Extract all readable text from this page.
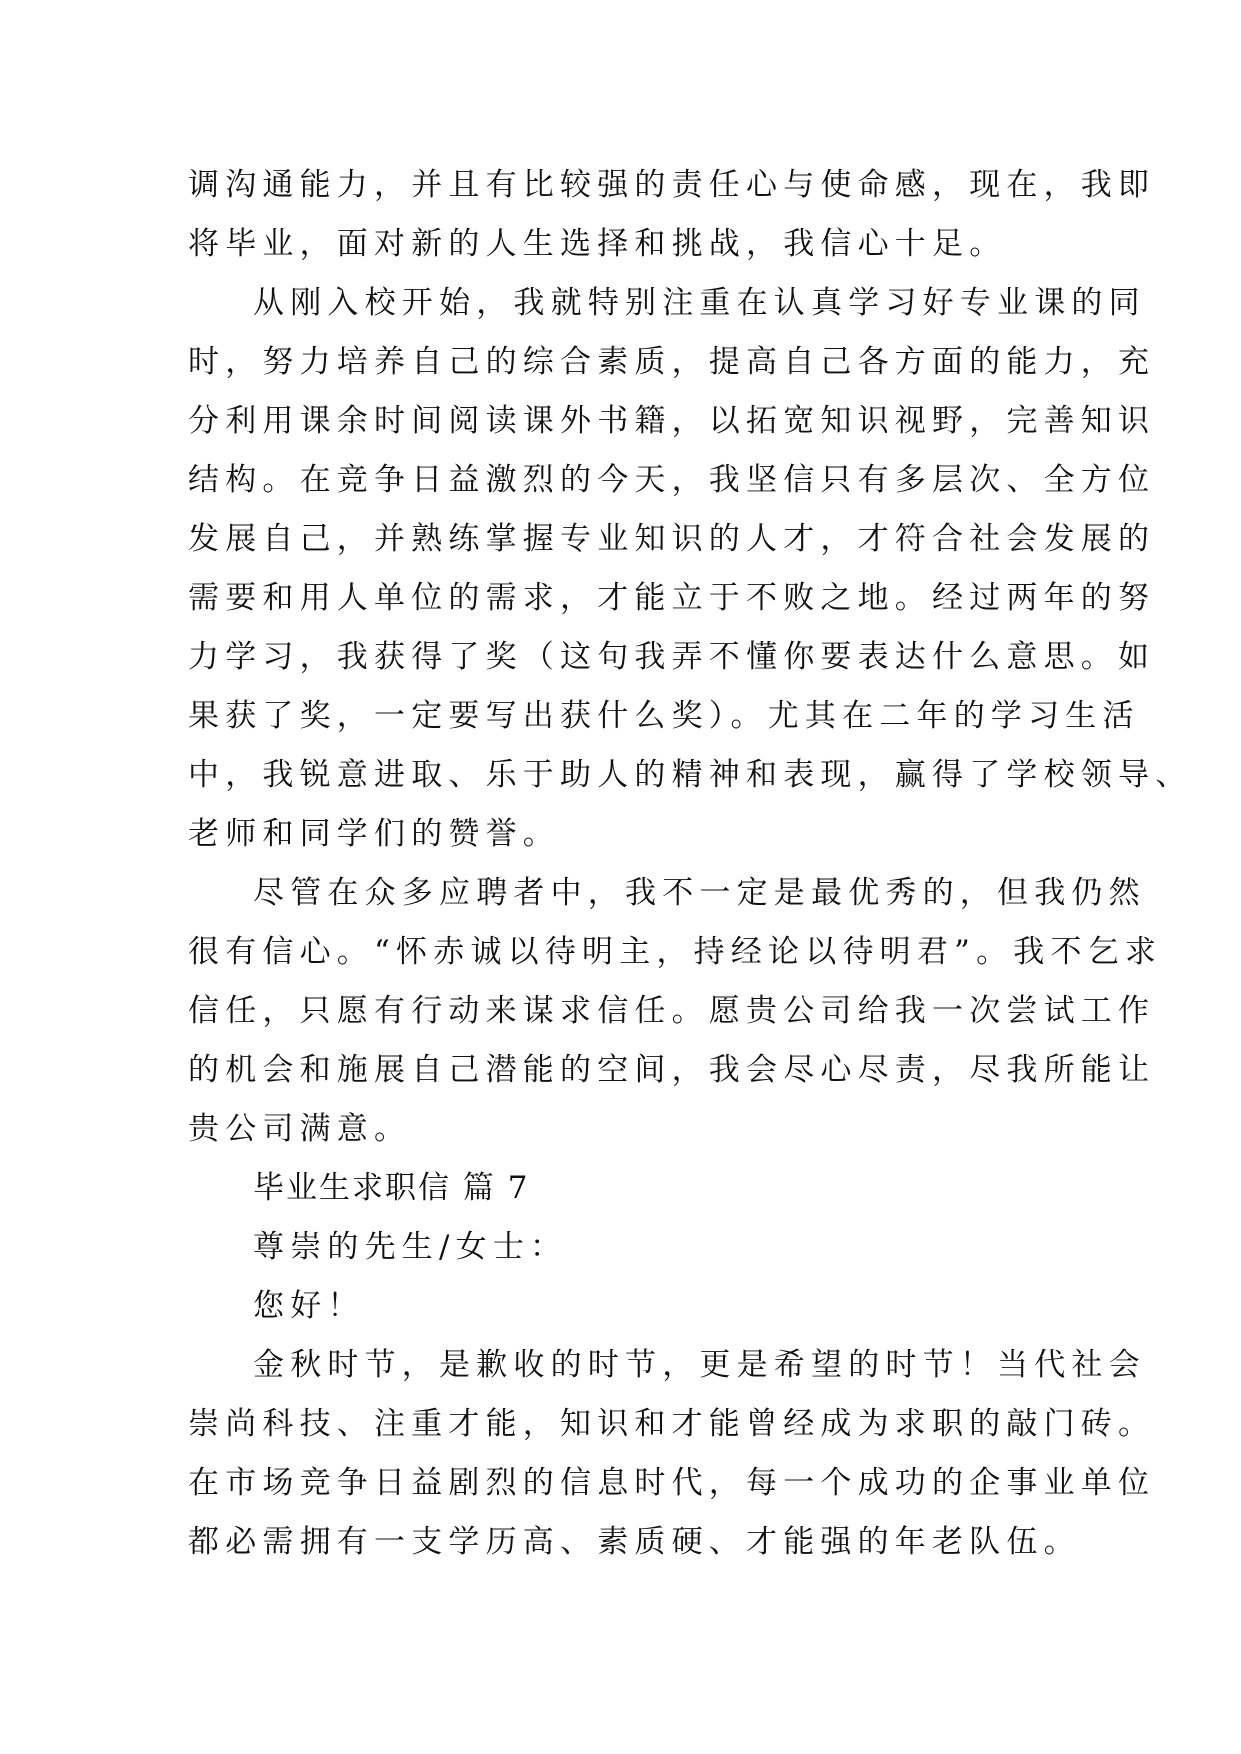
调沟通能力，并且有比较强的责任心与使命感，现在，我即
将毕业，面对新的人生选择和挑战，我信心十足。
从刚入校开始，我就特别注重在认真学习好专业课的同
时，努力培养自己的综合素质，提高自己各方面的能力，充
分利用课余时间阅读课外书籍，以拓宽知识视野，完善知识
结构。在竞争日益激烈的今天，我坚信只有多层次、全方位
发展自己，并熟练掌握专业知识的人才，才符合社会发展的
需要和用人单位的需求，才能立于不败之地。经过两年的努
力学习，我获得了奖（这句我弄不懂你要表达什么意思。如
果获了奖，一定要写出获什么奖）。尤其在二年的学习生活
中，我锐意进取、乐于助人的精神和表现，赢得了学校领导、
老师和同学们的赞誉。
尽管在众多应聘者中，我不一定是最优秀的，但我仍然
很有信心。“怀赤诚以待明主，持经论以待明君”。我不乞求
信任，只愿有行动来谋求信任。愿贵公司给我一次尝试工作
的机会和施展自己潜能的空间，我会尽心尽责，尽我所能让
贵公司满意。
毕业生求职信 篇 7
尊崇的先生/女士：
您好！
金秋时节，是歉收的时节，更是希望的时节！当代社会
崇尚科技、注重才能，知识和才能曾经成为求职的敲门砖。
在市场竞争日益剧烈的信息时代，每一个成功的企事业单位
都必需拥有一支学历高、素质硬、才能强的年老队伍。
